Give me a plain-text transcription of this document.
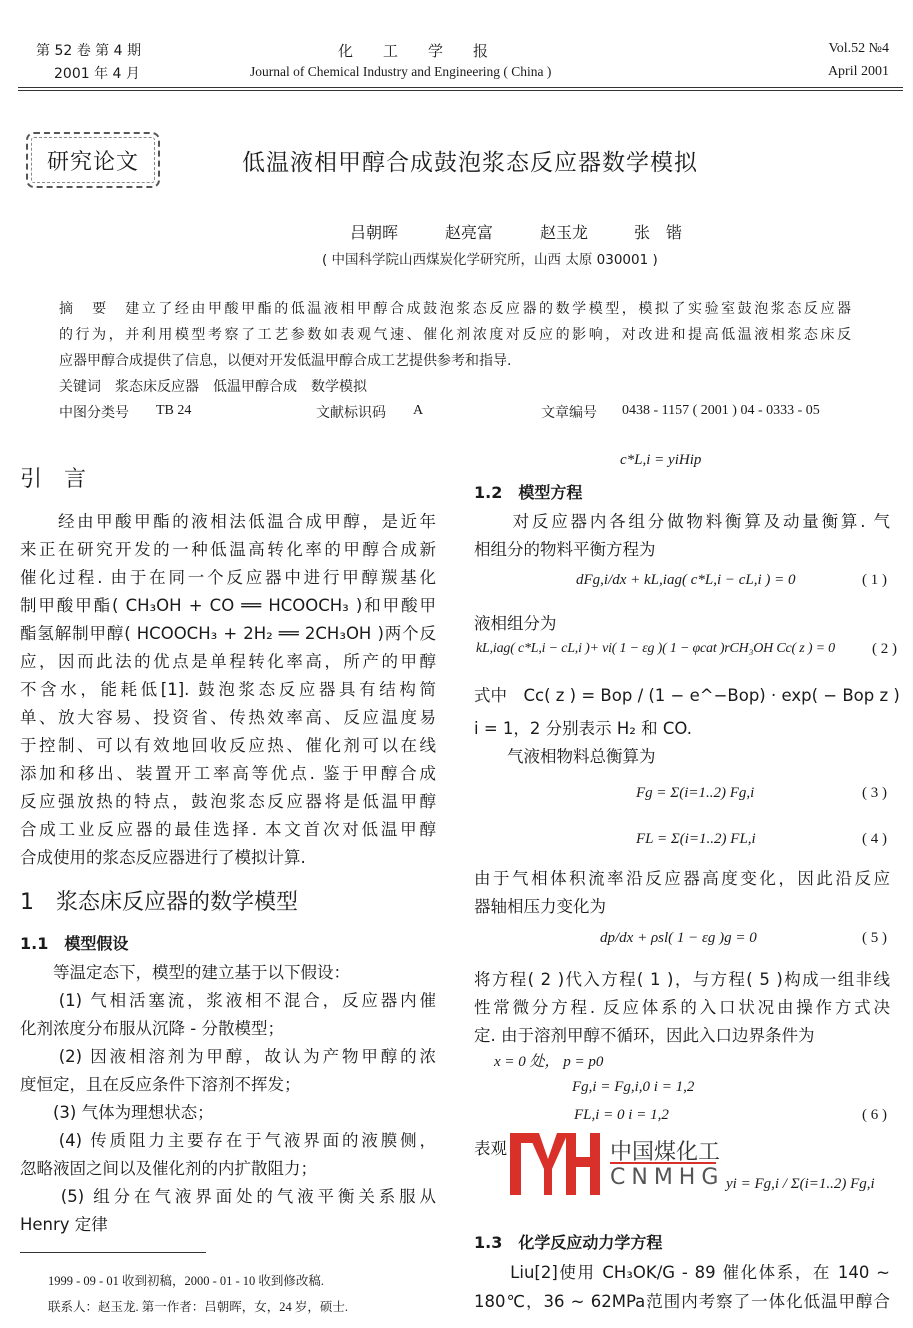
第 52 卷 第 4 期
2001 年 4 月
化　　工　　学　　报
Journal of Chemical Industry and Engineering ( China )
Vol.52 №4
April 2001
研究论文	低温液相甲醇合成鼓泡浆态反应器数学模拟
吕朝晖	赵亮富	赵玉龙	张　锴
( 中国科学院山西煤炭化学研究所，山西 太原 030001 )
摘　要　建立了经由甲酸甲酯的低温液相甲醇合成鼓泡浆态反应器的数学模型，模拟了实验室鼓泡浆态反应器
的行为，并利用模型考察了工艺参数如表观气速、催化剂浓度对反应的影响，对改进和提高低温液相浆态床反
应器甲醇合成提供了信息，以便对开发低温甲醇合成工艺提供参考和指导.
关键词　浆态床反应器　低温甲醇合成　数学模拟
中图分类号 TB 24	文献标识码 A	文章编号 0438 - 1157 ( 2001 ) 04 - 0333 - 05
引　言
　　经由甲酸甲酯的液相法低温合成甲醇，是近年
来正在研究开发的一种低温高转化率的甲醇合成新
催化过程. 由于在同一个反应器中进行甲醇羰基化
制甲酸甲酯( CH₃OH + CO ══ HCOOCH₃ )和甲酸甲
酯氢解制甲醇( HCOOCH₃ + 2H₂ ══ 2CH₃OH )两个反
应，因而此法的优点是单程转化率高，所产的甲醇
不含水，能耗低[1]. 鼓泡浆态反应器具有结构简
单、放大容易、投资省、传热效率高、反应温度易
于控制、可以有效地回收反应热、催化剂可以在线
添加和移出、装置开工率高等优点. 鉴于甲醇合成
反应强放热的特点，鼓泡浆态反应器将是低温甲醇
合成工业反应器的最佳选择. 本文首次对低温甲醇
合成使用的浆态反应器进行了模拟计算.
1　浆态床反应器的数学模型
1.1　模型假设
　　等温定态下，模型的建立基于以下假设：
　　(1) 气相活塞流，浆液相不混合，反应器内催
化剂浓度分布服从沉降 - 分散模型；
　　(2) 因液相溶剂为甲醇，故认为产物甲醇的浓
度恒定，且在反应条件下溶剂不挥发；
　　(3) 气体为理想状态；
　　(4) 传质阻力主要存在于气液界面的液膜侧，
忽略液固之间以及催化剂的内扩散阻力；
　　(5) 组分在气液界面处的气液平衡关系服从
Henry 定律
c*L,i = yiHip
1.2　模型方程
　　对反应器内各组分做物料衡算及动量衡算. 气
相组分的物料平衡方程为
dFg,i/dx + kL,iag( c*L,i − cL,i ) = 0	( 1 )
液相组分为
kL,iag( c*L,i − cL,i )+ νi( 1 − εg )( 1 − φcat )rCH₃OH Cc( z ) = 0 ( 2 )
式中　Cc( z ) = Bop / (1 − e^−Bop) · exp( − Bop z )
i = 1，2 分别表示 H₂ 和 CO.
　　气液相物料总衡算为
Fg = Σ(i=1..2) Fg,i	( 3 )
FL = Σ(i=1..2) FL,i	( 4 )
由于气相体积流率沿反应器高度变化，因此沿反应
器轴相压力变化为
dp/dx + ρsl( 1 − εg )g = 0	( 5 )
将方程( 2 )代入方程( 1 )，与方程( 5 )构成一组非线
性常微分方程. 反应体系的入口状况由操作方式决
定. 由于溶剂甲醇不循环，因此入口边界条件为
x = 0 处， p = p0
Fg,i = Fg,i,0 i = 1,2
FL,i = 0 i = 1,2	( 6 )
表观
yi = Fg,i / Σ(i=1..2) Fg,i
1.3　化学反应动力学方程
　　Liu[2]使用 CH₃OK/G - 89 催化体系，在 140 ~
180℃，36 ~ 62MPa范围内考察了一体化低温甲醇合
1999 - 09 - 01 收到初稿，2000 - 01 - 10 收到修改稿.
联系人：赵玉龙. 第一作者：吕朝晖，女，24 岁，硕士.
中国煤化工
CNMHG
